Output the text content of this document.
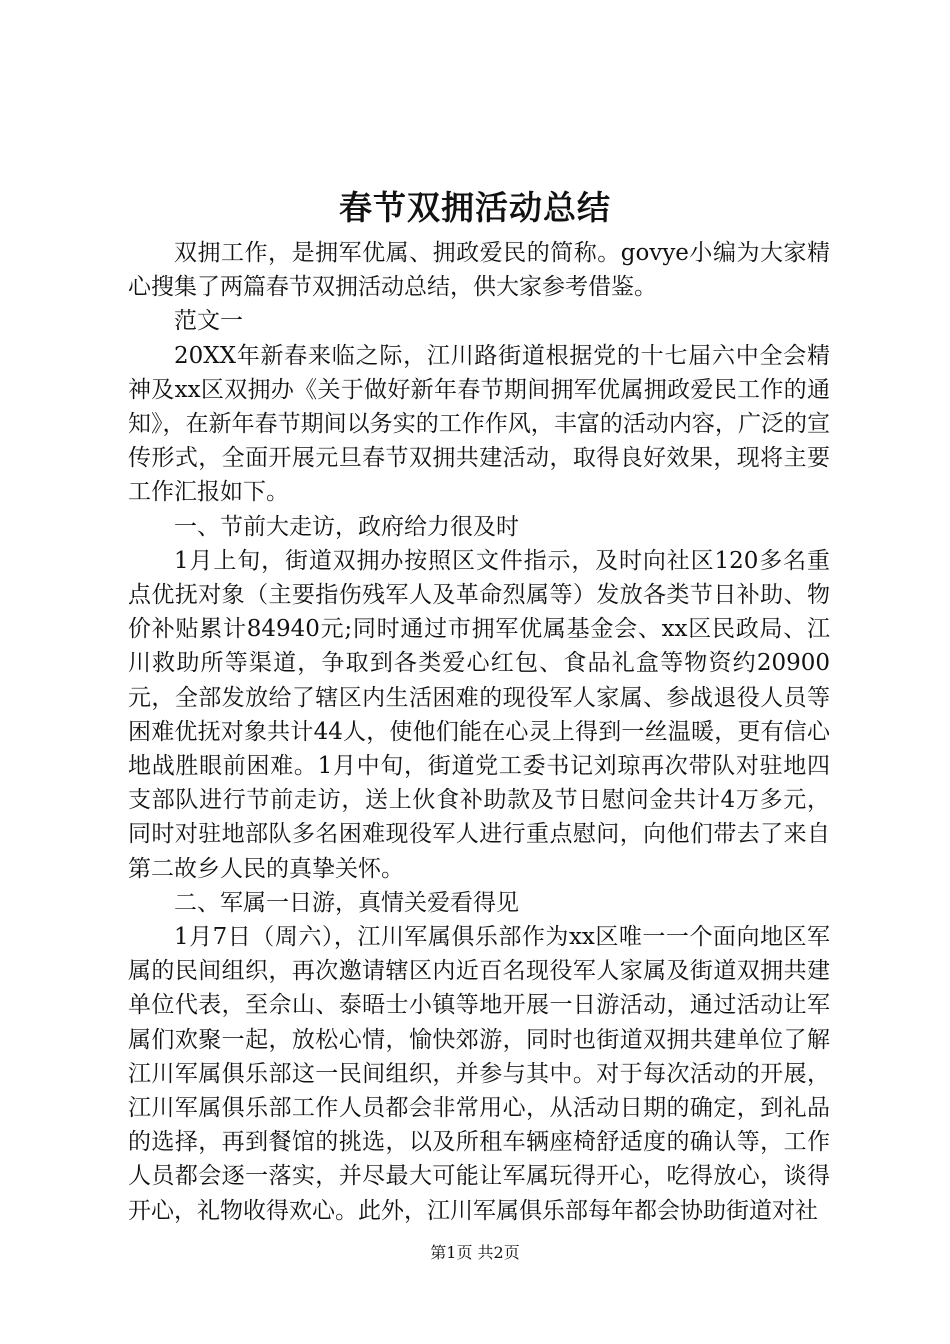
春节双拥活动总结

双拥工作，是拥军优属、拥政爱民的简称。govye小编为大家精心搜集了两篇春节双拥活动总结，供大家参考借鉴。

范文一

20XX年新春来临之际，江川路街道根据党的十七届六中全会精神及xx区双拥办《关于做好新年春节期间拥军优属拥政爱民工作的通知》，在新年春节期间以务实的工作作风，丰富的活动内容，广泛的宣传形式，全面开展元旦春节双拥共建活动，取得良好效果，现将主要工作汇报如下。

一、节前大走访，政府给力很及时

1月上旬，街道双拥办按照区文件指示，及时向社区120多名重点优抚对象（主要指伤残军人及革命烈属等）发放各类节日补助、物价补贴累计84940元;同时通过市拥军优属基金会、xx区民政局、江川救助所等渠道，争取到各类爱心红包、食品礼盒等物资约20900元，全部发放给了辖区内生活困难的现役军人家属、参战退役人员等困难优抚对象共计44人，使他们能在心灵上得到一丝温暖，更有信心地战胜眼前困难。1月中旬，街道党工委书记刘琼再次带队对驻地四支部队进行节前走访，送上伙食补助款及节日慰问金共计4万多元，同时对驻地部队多名困难现役军人进行重点慰问，向他们带去了来自第二故乡人民的真挚关怀。

二、军属一日游，真情关爱看得见

1月7日（周六），江川军属俱乐部作为xx区唯一一个面向地区军属的民间组织，再次邀请辖区内近百名现役军人家属及街道双拥共建单位代表，至佘山、泰晤士小镇等地开展一日游活动，通过活动让军属们欢聚一起，放松心情，愉快郊游，同时也街道双拥共建单位了解江川军属俱乐部这一民间组织，并参与其中。对于每次活动的开展，江川军属俱乐部工作人员都会非常用心，从活动日期的确定，到礼品的选择，再到餐馆的挑选，以及所租车辆座椅舒适度的确认等，工作人员都会逐一落实，并尽最大可能让军属玩得开心，吃得放心，谈得开心，礼物收得欢心。此外，江川军属俱乐部每年都会协助街道对社

第1页 共2页
